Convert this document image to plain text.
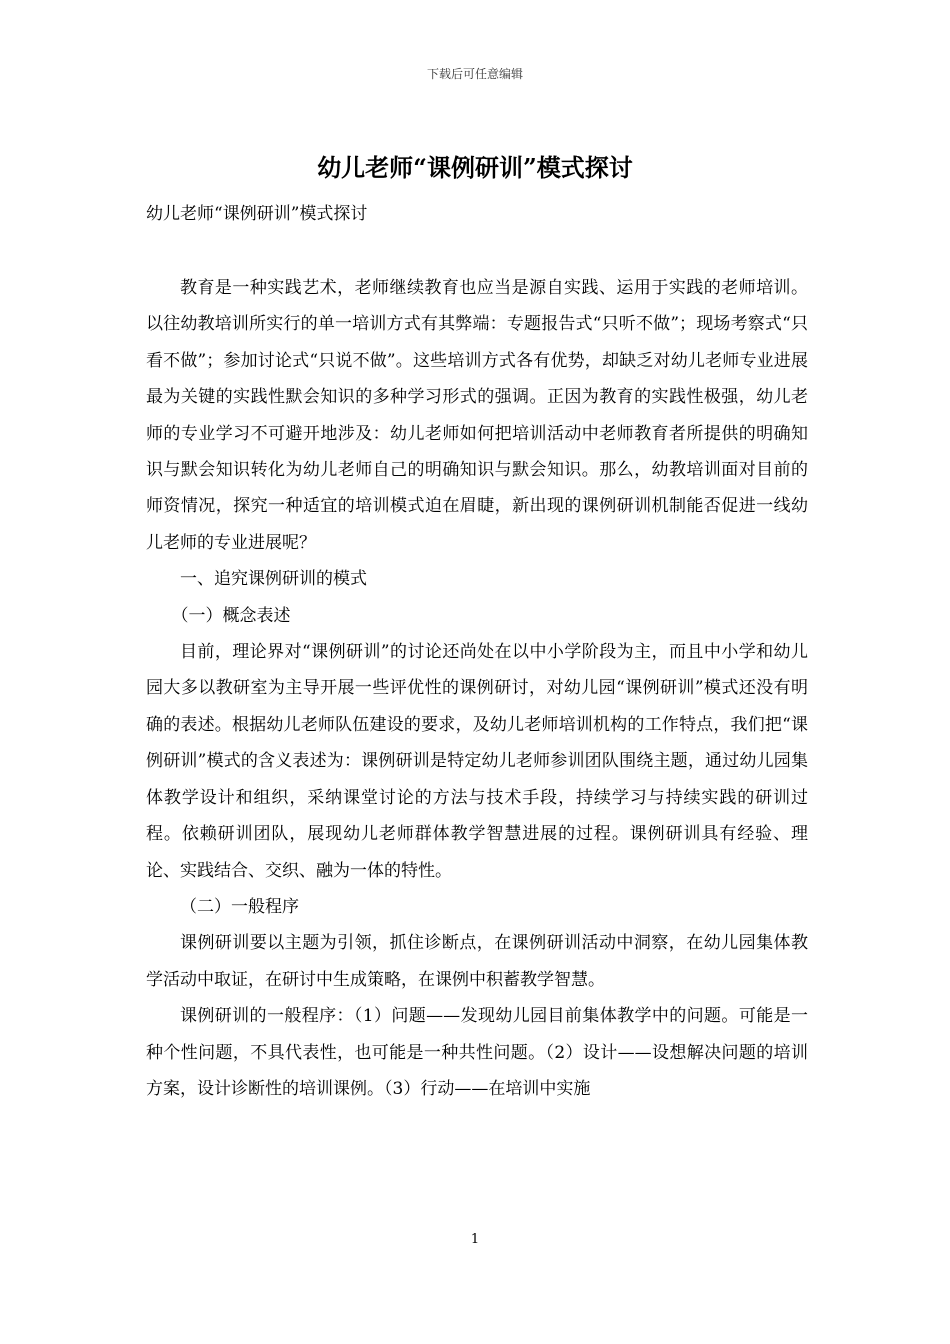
下载后可任意编辑
幼儿老师“课例研训”模式探讨

幼儿老师“课例研训”模式探讨

教育是一种实践艺术，老师继续教育也应当是源自实践、运用于实践的老师培训。以往幼教培训所实行的单一培训方式有其弊端：专题报告式“只听不做”；现场考察式“只看不做”；参加讨论式“只说不做”。这些培训方式各有优势，却缺乏对幼儿老师专业进展最为关键的实践性默会知识的多种学习形式的强调。正因为教育的实践性极强，幼儿老师的专业学习不可避开地涉及：幼儿老师如何把培训活动中老师教育者所提供的明确知识与默会知识转化为幼儿老师自己的明确知识与默会知识。那么，幼教培训面对目前的师资情况，探究一种适宜的培训模式迫在眉睫，新出现的课例研训机制能否促进一线幼儿老师的专业进展呢？

一、追究课例研训的模式

（一）概念表述

目前，理论界对“课例研训”的讨论还尚处在以中小学阶段为主，而且中小学和幼儿园大多以教研室为主导开展一些评优性的课例研讨，对幼儿园“课例研训”模式还没有明确的表述。根据幼儿老师队伍建设的要求，及幼儿老师培训机构的工作特点，我们把“课例研训”模式的含义表述为：课例研训是特定幼儿老师参训团队围绕主题，通过幼儿园集体教学设计和组织，采纳课堂讨论的方法与技术手段，持续学习与持续实践的研训过程。依赖研训团队，展现幼儿老师群体教学智慧进展的过程。课例研训具有经验、理论、实践结合、交织、融为一体的特性。

（二）一般程序

课例研训要以主题为引领，抓住诊断点，在课例研训活动中洞察，在幼儿园集体教学活动中取证，在研讨中生成策略，在课例中积蓄教学智慧。

课例研训的一般程序：（1）问题——发现幼儿园目前集体教学中的问题。可能是一种个性问题，不具代表性，也可能是一种共性问题。（2）设计——设想解决问题的培训方案，设计诊断性的培训课例。（3）行动——在培训中实施

1
